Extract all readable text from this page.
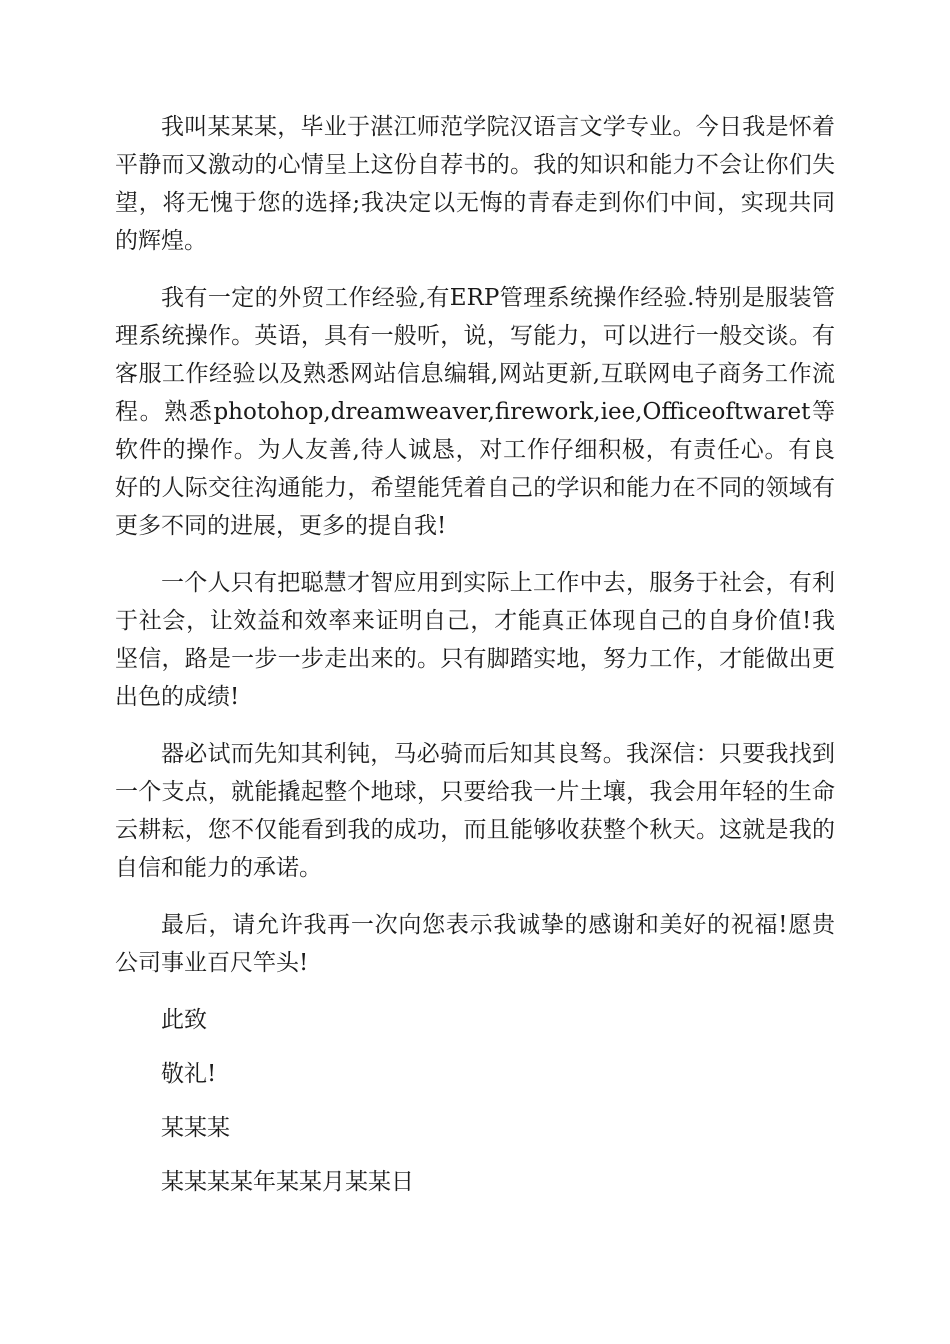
我叫某某某，毕业于湛江师范学院汉语言文学专业。今日我是怀着平静而又激动的心情呈上这份自荐书的。我的知识和能力不会让你们失望，将无愧于您的选择;我决定以无悔的青春走到你们中间，实现共同的辉煌。

我有一定的外贸工作经验,有ERP管理系统操作经验.特别是服装管理系统操作。英语，具有一般听，说，写能力，可以进行一般交谈。有客服工作经验以及熟悉网站信息编辑,网站更新,互联网电子商务工作流程。熟悉photohop,dreamweaver,firework,iee,Officeoftwaret等软件的操作。为人友善,待人诚恳，对工作仔细积极，有责任心。有良好的人际交往沟通能力，希望能凭着自己的学识和能力在不同的领域有更多不同的进展，更多的提自我!

一个人只有把聪慧才智应用到实际上工作中去，服务于社会，有利于社会，让效益和效率来证明自己，才能真正体现自己的自身价值!我坚信，路是一步一步走出来的。只有脚踏实地，努力工作，才能做出更出色的成绩!

器必试而先知其利钝，马必骑而后知其良驽。我深信：只要我找到一个支点，就能撬起整个地球，只要给我一片土壤，我会用年轻的生命云耕耘，您不仅能看到我的成功，而且能够收获整个秋天。这就是我的自信和能力的承诺。

最后，请允许我再一次向您表示我诚挚的感谢和美好的祝福!愿贵公司事业百尺竿头!

此致

敬礼!

某某某

某某某某年某某月某某日
